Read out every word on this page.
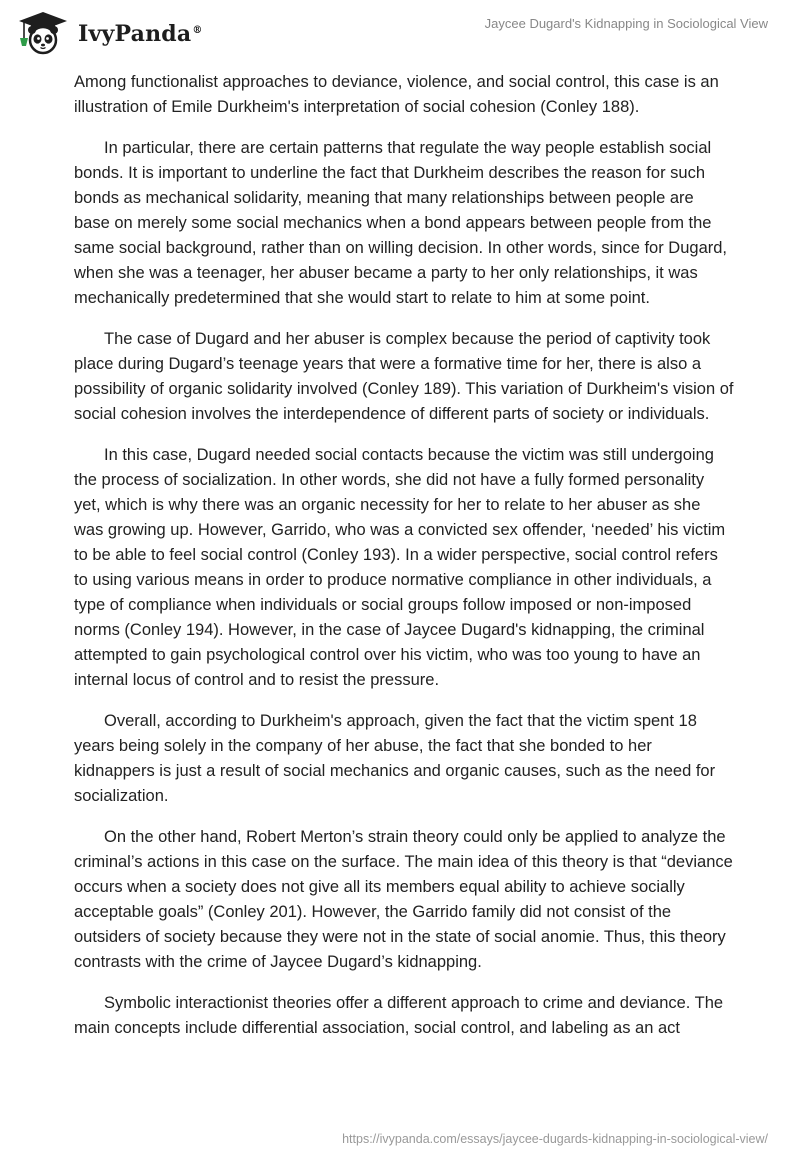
IvyPanda®	Jaycee Dugard's Kidnapping in Sociological View

Among functionalist approaches to deviance, violence, and social control, this case is an illustration of Emile Durkheim's interpretation of social cohesion (Conley 188).

In particular, there are certain patterns that regulate the way people establish social bonds. It is important to underline the fact that Durkheim describes the reason for such bonds as mechanical solidarity, meaning that many relationships between people are base on merely some social mechanics when a bond appears between people from the same social background, rather than on willing decision. In other words, since for Dugard, when she was a teenager, her abuser became a party to her only relationships, it was mechanically predetermined that she would start to relate to him at some point.

The case of Dugard and her abuser is complex because the period of captivity took place during Dugard’s teenage years that were a formative time for her, there is also a possibility of organic solidarity involved (Conley 189). This variation of Durkheim's vision of social cohesion involves the interdependence of different parts of society or individuals.

In this case, Dugard needed social contacts because the victim was still undergoing the process of socialization. In other words, she did not have a fully formed personality yet, which is why there was an organic necessity for her to relate to her abuser as she was growing up. However, Garrido, who was a convicted sex offender, ‘needed’ his victim to be able to feel social control (Conley 193). In a wider perspective, social control refers to using various means in order to produce normative compliance in other individuals, a type of compliance when individuals or social groups follow imposed or non-imposed norms (Conley 194). However, in the case of Jaycee Dugard's kidnapping, the criminal attempted to gain psychological control over his victim, who was too young to have an internal locus of control and to resist the pressure.

Overall, according to Durkheim's approach, given the fact that the victim spent 18 years being solely in the company of her abuse, the fact that she bonded to her kidnappers is just a result of social mechanics and organic causes, such as the need for socialization.

On the other hand, Robert Merton’s strain theory could only be applied to analyze the criminal’s actions in this case on the surface. The main idea of this theory is that “deviance occurs when a society does not give all its members equal ability to achieve socially acceptable goals” (Conley 201). However, the Garrido family did not consist of the outsiders of society because they were not in the state of social anomie. Thus, this theory contrasts with the crime of Jaycee Dugard’s kidnapping.

Symbolic interactionist theories offer a different approach to crime and deviance. The main concepts include differential association, social control, and labeling as an act

https://ivypanda.com/essays/jaycee-dugards-kidnapping-in-sociological-view/
